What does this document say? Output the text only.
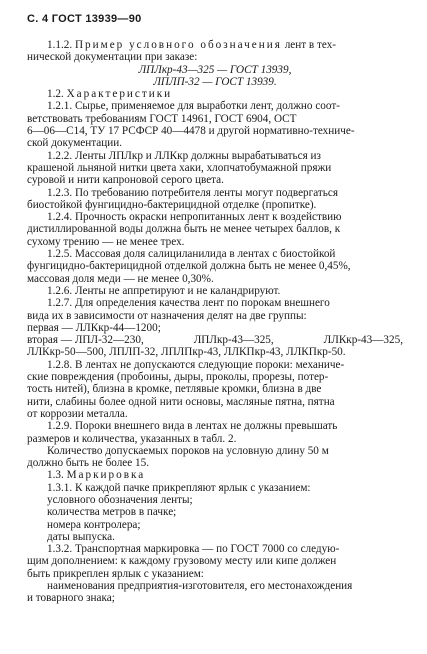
С. 4 ГОСТ 13939—90
1.1.2. Пример условного обозначения лент в тех-
нической документации при заказе:
ЛПЛкр-43—325 — ГОСТ 13939,
ЛПЛП-32 — ГОСТ 13939.
1.2. Характеристики
1.2.1. Сырье, применяемое для выработки лент, должно соот-
ветствовать требованиям ГОСТ 14961, ГОСТ 6904, ОСТ
6—06—С14, ТУ 17 РСФСР 40—4478 и другой нормативно-техниче-
ской документации.
1.2.2. Ленты ЛПЛкр и ЛЛКкр должны вырабатываться из
крашеной льняной нитки цвета хаки, хлопчатобумажной пряжи
суровой и нити капроновой серого цвета.
1.2.3. По требованию потребителя ленты могут подвергаться
биостойкой фунгицидно-бактерицидной отделке (пропитке).
1.2.4. Прочность окраски непропитанных лент к воздействию
дистиллированной воды должна быть не менее четырех баллов, к
сухому трению — не менее трех.
1.2.5. Массовая доля салициланилида в лентах с биостойкой
фунгицидно-бактерицидной отделкой должна быть не менее 0,45%,
массовая доля меди — не менее 0,30%.
1.2.6. Ленты не аппретируют и не каландрируют.
1.2.7. Для определения качества лент по порокам внешнего
вида их в зависимости от назначения делят на две группы:
первая — ЛЛКкр-44—1200;
вторая — ЛПЛ-32—230,	ЛПЛкр-43—325,	ЛЛКкр-43—325,
ЛЛКкр-50—500, ЛПЛП-32, ЛПЛПкр-43, ЛЛКПкр-43, ЛЛКПкр-50.
1.2.8. В лентах не допускаются следующие пороки: механиче-
ские повреждения (пробоины, дыры, проколы, прорезы, потер-
тость нитей), близна в кромке, петлявые кромки, близна в две
нити, слабины более одной нити основы, масляные пятна, пятна
от коррозии металла.
1.2.9. Пороки внешнего вида в лентах не должны превышать
размеров и количества, указанных в табл. 2.
Количество допускаемых пороков на условную длину 50 м
должно быть не более 15.
1.3. Маркировка
1.3.1. К каждой пачке прикрепляют ярлык с указанием:
условного обозначения ленты;
количества метров в пачке;
номера контролера;
даты выпуска.
1.3.2. Транспортная маркировка — по ГОСТ 7000 со следую-
щим дополнением: к каждому грузовому месту или кипе должен
быть прикреплен ярлык с указанием:
наименования предприятия-изготовителя, его местонахождения
и товарного знака;
